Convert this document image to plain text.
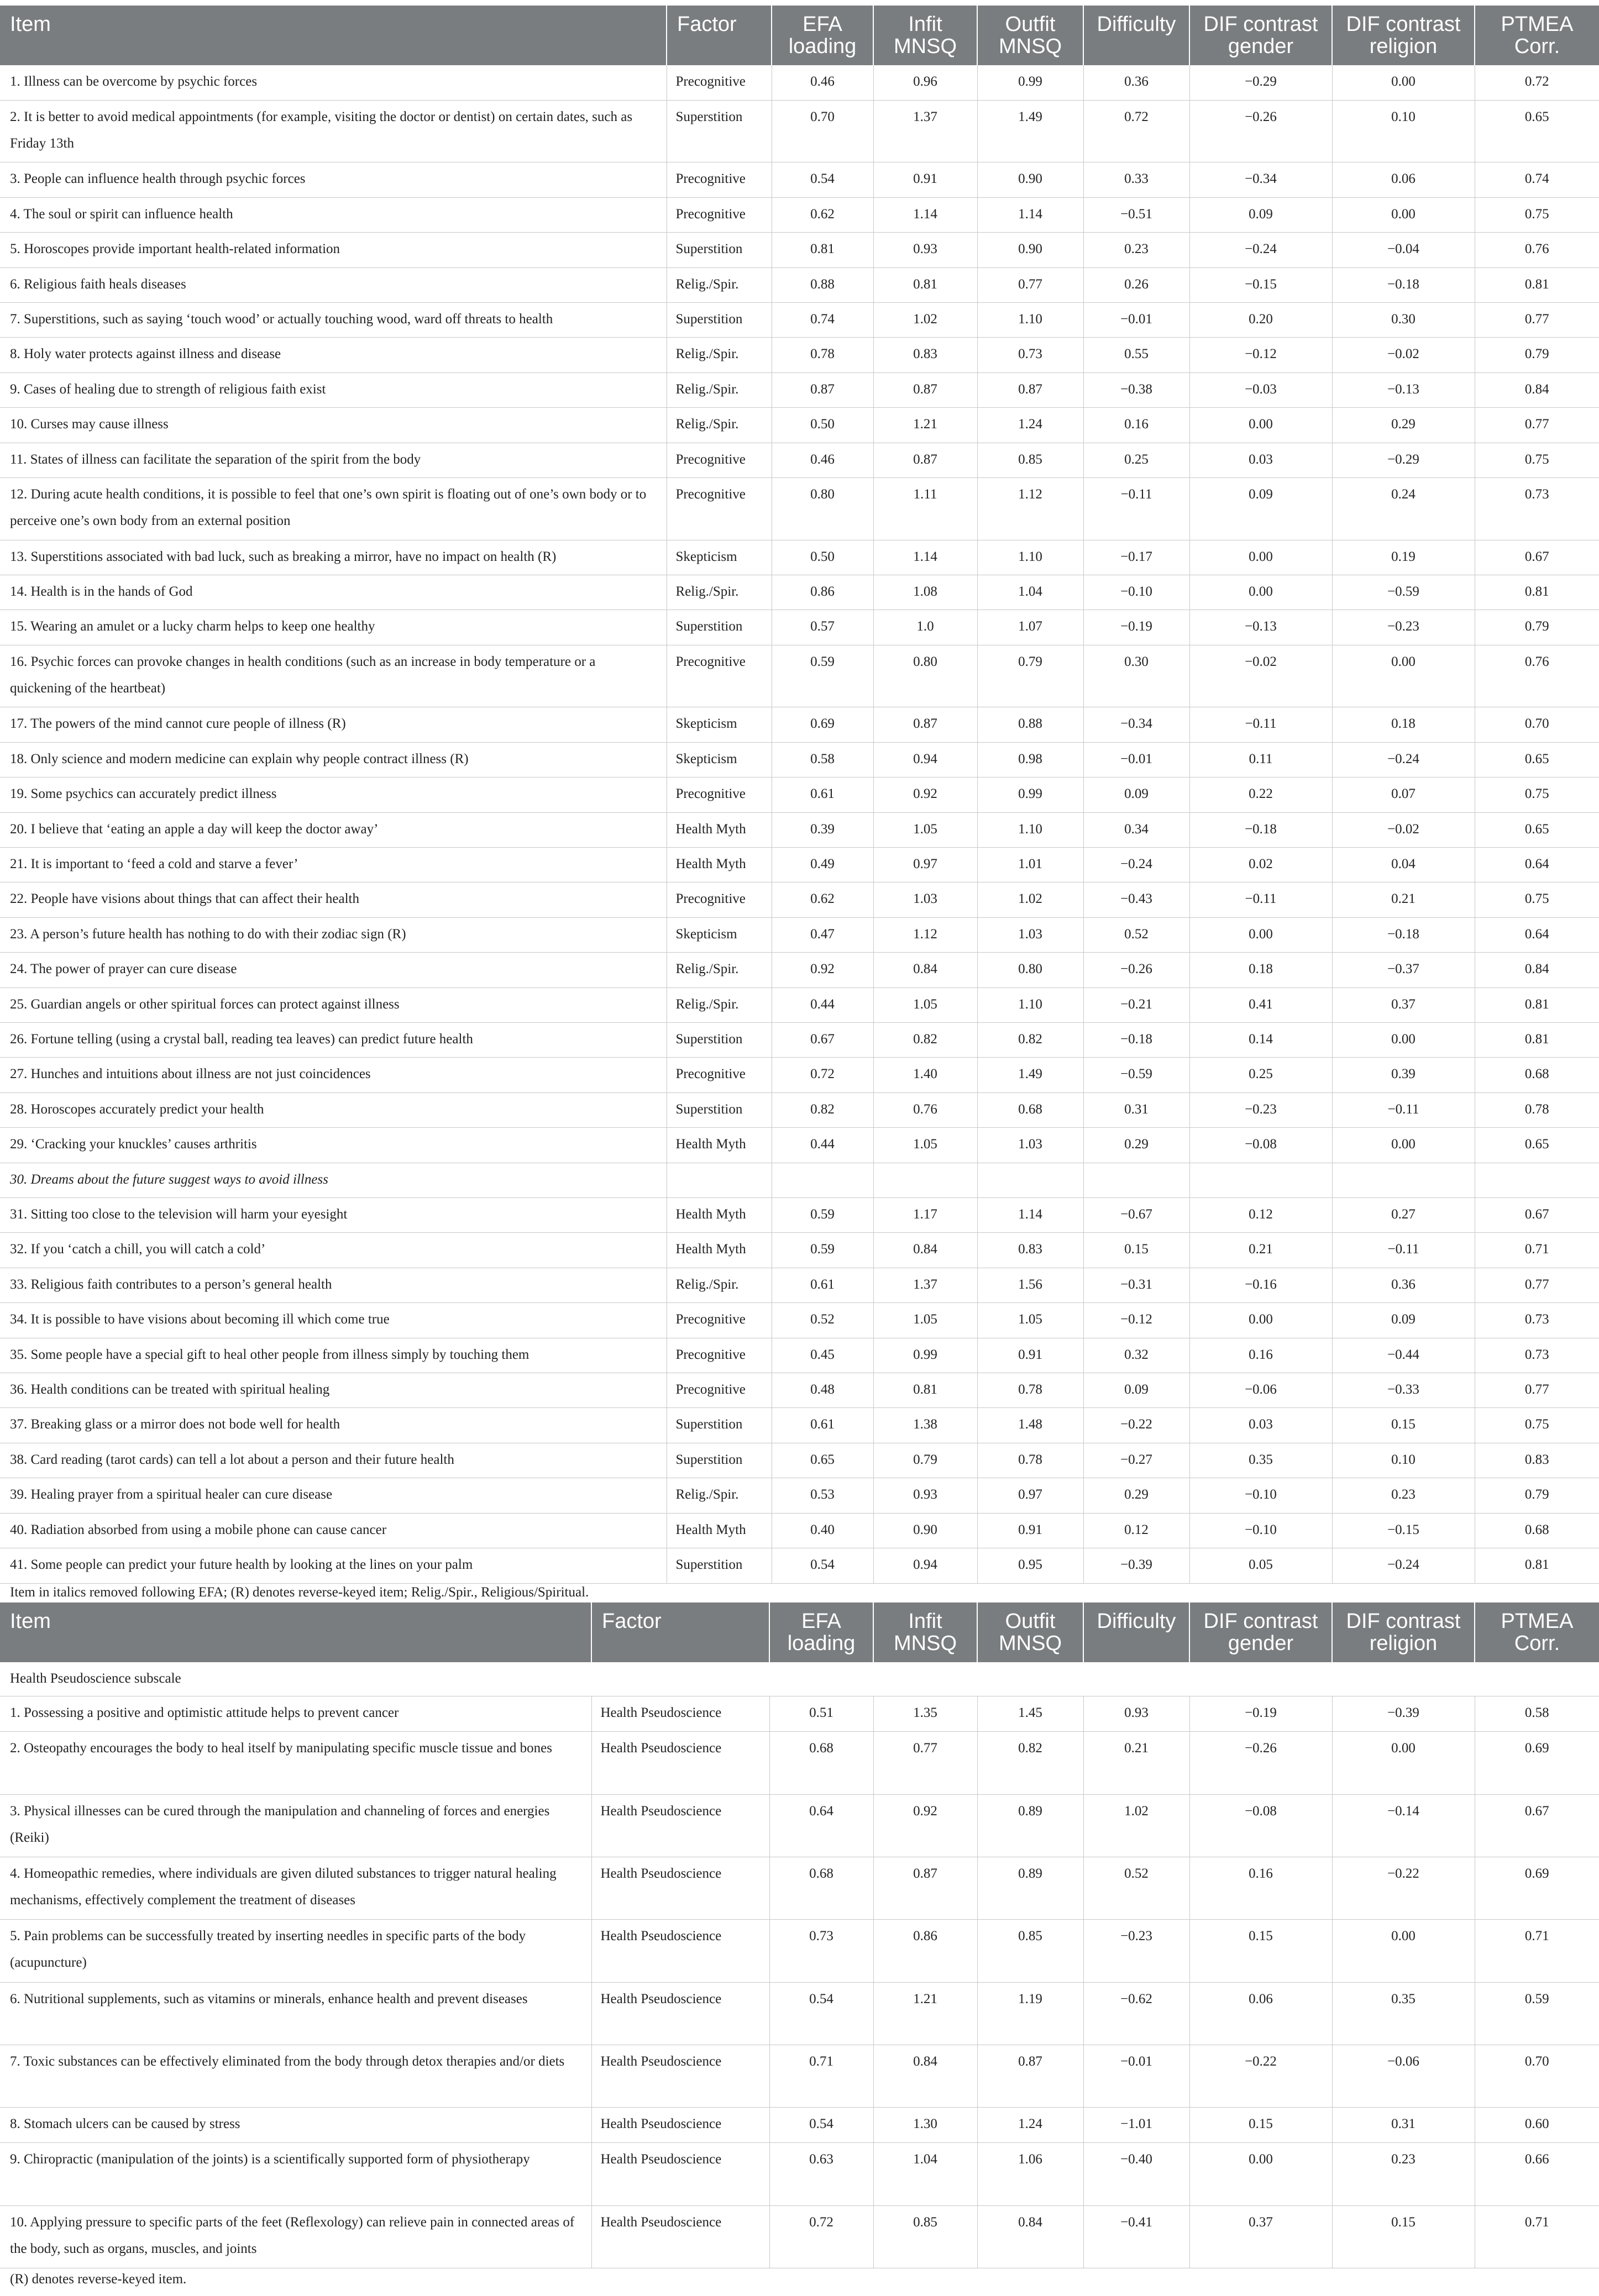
Item	Factor	EFA loading	Infit MNSQ	Outfit MNSQ	Difficulty	DIF contrast gender	DIF contrast religion	PTMEA Corr.
1. Illness can be overcome by psychic forces	Precognitive	0.46	0.96	0.99	0.36	−0.29	0.00	0.72
2. It is better to avoid medical appointments (for example, visiting the doctor or dentist) on certain dates, such as Friday 13th	Superstition	0.70	1.37	1.49	0.72	−0.26	0.10	0.65
3. People can influence health through psychic forces	Precognitive	0.54	0.91	0.90	0.33	−0.34	0.06	0.74
4. The soul or spirit can influence health	Precognitive	0.62	1.14	1.14	−0.51	0.09	0.00	0.75
5. Horoscopes provide important health-related information	Superstition	0.81	0.93	0.90	0.23	−0.24	−0.04	0.76
6. Religious faith heals diseases	Relig./Spir.	0.88	0.81	0.77	0.26	−0.15	−0.18	0.81
7. Superstitions, such as saying ‘touch wood’ or actually touching wood, ward off threats to health	Superstition	0.74	1.02	1.10	−0.01	0.20	0.30	0.77
8. Holy water protects against illness and disease	Relig./Spir.	0.78	0.83	0.73	0.55	−0.12	−0.02	0.79
9. Cases of healing due to strength of religious faith exist	Relig./Spir.	0.87	0.87	0.87	−0.38	−0.03	−0.13	0.84
10. Curses may cause illness	Relig./Spir.	0.50	1.21	1.24	0.16	0.00	0.29	0.77
11. States of illness can facilitate the separation of the spirit from the body	Precognitive	0.46	0.87	0.85	0.25	0.03	−0.29	0.75
12. During acute health conditions, it is possible to feel that one’s own spirit is floating out of one’s own body or to perceive one’s own body from an external position	Precognitive	0.80	1.11	1.12	−0.11	0.09	0.24	0.73
13. Superstitions associated with bad luck, such as breaking a mirror, have no impact on health (R)	Skepticism	0.50	1.14	1.10	−0.17	0.00	0.19	0.67
14. Health is in the hands of God	Relig./Spir.	0.86	1.08	1.04	−0.10	0.00	−0.59	0.81
15. Wearing an amulet or a lucky charm helps to keep one healthy	Superstition	0.57	1.0	1.07	−0.19	−0.13	−0.23	0.79
16. Psychic forces can provoke changes in health conditions (such as an increase in body temperature or a quickening of the heartbeat)	Precognitive	0.59	0.80	0.79	0.30	−0.02	0.00	0.76
17. The powers of the mind cannot cure people of illness (R)	Skepticism	0.69	0.87	0.88	−0.34	−0.11	0.18	0.70
18. Only science and modern medicine can explain why people contract illness (R)	Skepticism	0.58	0.94	0.98	−0.01	0.11	−0.24	0.65
19. Some psychics can accurately predict illness	Precognitive	0.61	0.92	0.99	0.09	0.22	0.07	0.75
20. I believe that ‘eating an apple a day will keep the doctor away’	Health Myth	0.39	1.05	1.10	0.34	−0.18	−0.02	0.65
21. It is important to ‘feed a cold and starve a fever’	Health Myth	0.49	0.97	1.01	−0.24	0.02	0.04	0.64
22. People have visions about things that can affect their health	Precognitive	0.62	1.03	1.02	−0.43	−0.11	0.21	0.75
23. A person’s future health has nothing to do with their zodiac sign (R)	Skepticism	0.47	1.12	1.03	0.52	0.00	−0.18	0.64
24. The power of prayer can cure disease	Relig./Spir.	0.92	0.84	0.80	−0.26	0.18	−0.37	0.84
25. Guardian angels or other spiritual forces can protect against illness	Relig./Spir.	0.44	1.05	1.10	−0.21	0.41	0.37	0.81
26. Fortune telling (using a crystal ball, reading tea leaves) can predict future health	Superstition	0.67	0.82	0.82	−0.18	0.14	0.00	0.81
27. Hunches and intuitions about illness are not just coincidences	Precognitive	0.72	1.40	1.49	−0.59	0.25	0.39	0.68
28. Horoscopes accurately predict your health	Superstition	0.82	0.76	0.68	0.31	−0.23	−0.11	0.78
29. ‘Cracking your knuckles’ causes arthritis	Health Myth	0.44	1.05	1.03	0.29	−0.08	0.00	0.65
30. Dreams about the future suggest ways to avoid illness								
31. Sitting too close to the television will harm your eyesight	Health Myth	0.59	1.17	1.14	−0.67	0.12	0.27	0.67
32. If you ‘catch a chill, you will catch a cold’	Health Myth	0.59	0.84	0.83	0.15	0.21	−0.11	0.71
33. Religious faith contributes to a person’s general health	Relig./Spir.	0.61	1.37	1.56	−0.31	−0.16	0.36	0.77
34. It is possible to have visions about becoming ill which come true	Precognitive	0.52	1.05	1.05	−0.12	0.00	0.09	0.73
35. Some people have a special gift to heal other people from illness simply by touching them	Precognitive	0.45	0.99	0.91	0.32	0.16	−0.44	0.73
36. Health conditions can be treated with spiritual healing	Precognitive	0.48	0.81	0.78	0.09	−0.06	−0.33	0.77
37. Breaking glass or a mirror does not bode well for health	Superstition	0.61	1.38	1.48	−0.22	0.03	0.15	0.75
38. Card reading (tarot cards) can tell a lot about a person and their future health	Superstition	0.65	0.79	0.78	−0.27	0.35	0.10	0.83
39. Healing prayer from a spiritual healer can cure disease	Relig./Spir.	0.53	0.93	0.97	0.29	−0.10	0.23	0.79
40. Radiation absorbed from using a mobile phone can cause cancer	Health Myth	0.40	0.90	0.91	0.12	−0.10	−0.15	0.68
41. Some people can predict your future health by looking at the lines on your palm	Superstition	0.54	0.94	0.95	−0.39	0.05	−0.24	0.81
Item in italics removed following EFA; (R) denotes reverse-keyed item; Relig./Spir., Religious/Spiritual.
Item	Factor	EFA loading	Infit MNSQ	Outfit MNSQ	Difficulty	DIF contrast gender	DIF contrast religion	PTMEA Corr.
Health Pseudoscience subscale								
1. Possessing a positive and optimistic attitude helps to prevent cancer	Health Pseudoscience	0.51	1.35	1.45	0.93	−0.19	−0.39	0.58
2. Osteopathy encourages the body to heal itself by manipulating specific muscle tissue and bones	Health Pseudoscience	0.68	0.77	0.82	0.21	−0.26	0.00	0.69
3. Physical illnesses can be cured through the manipulation and channeling of forces and energies (Reiki)	Health Pseudoscience	0.64	0.92	0.89	1.02	−0.08	−0.14	0.67
4. Homeopathic remedies, where individuals are given diluted substances to trigger natural healing mechanisms, effectively complement the treatment of diseases	Health Pseudoscience	0.68	0.87	0.89	0.52	0.16	−0.22	0.69
5. Pain problems can be successfully treated by inserting needles in specific parts of the body (acupuncture)	Health Pseudoscience	0.73	0.86	0.85	−0.23	0.15	0.00	0.71
6. Nutritional supplements, such as vitamins or minerals, enhance health and prevent diseases	Health Pseudoscience	0.54	1.21	1.19	−0.62	0.06	0.35	0.59
7. Toxic substances can be effectively eliminated from the body through detox therapies and/or diets	Health Pseudoscience	0.71	0.84	0.87	−0.01	−0.22	−0.06	0.70
8. Stomach ulcers can be caused by stress	Health Pseudoscience	0.54	1.30	1.24	−1.01	0.15	0.31	0.60
9. Chiropractic (manipulation of the joints) is a scientifically supported form of physiotherapy	Health Pseudoscience	0.63	1.04	1.06	−0.40	0.00	0.23	0.66
10. Applying pressure to specific parts of the feet (Reflexology) can relieve pain in connected areas of the body, such as organs, muscles, and joints	Health Pseudoscience	0.72	0.85	0.84	−0.41	0.37	0.15	0.71
(R) denotes reverse-keyed item.
